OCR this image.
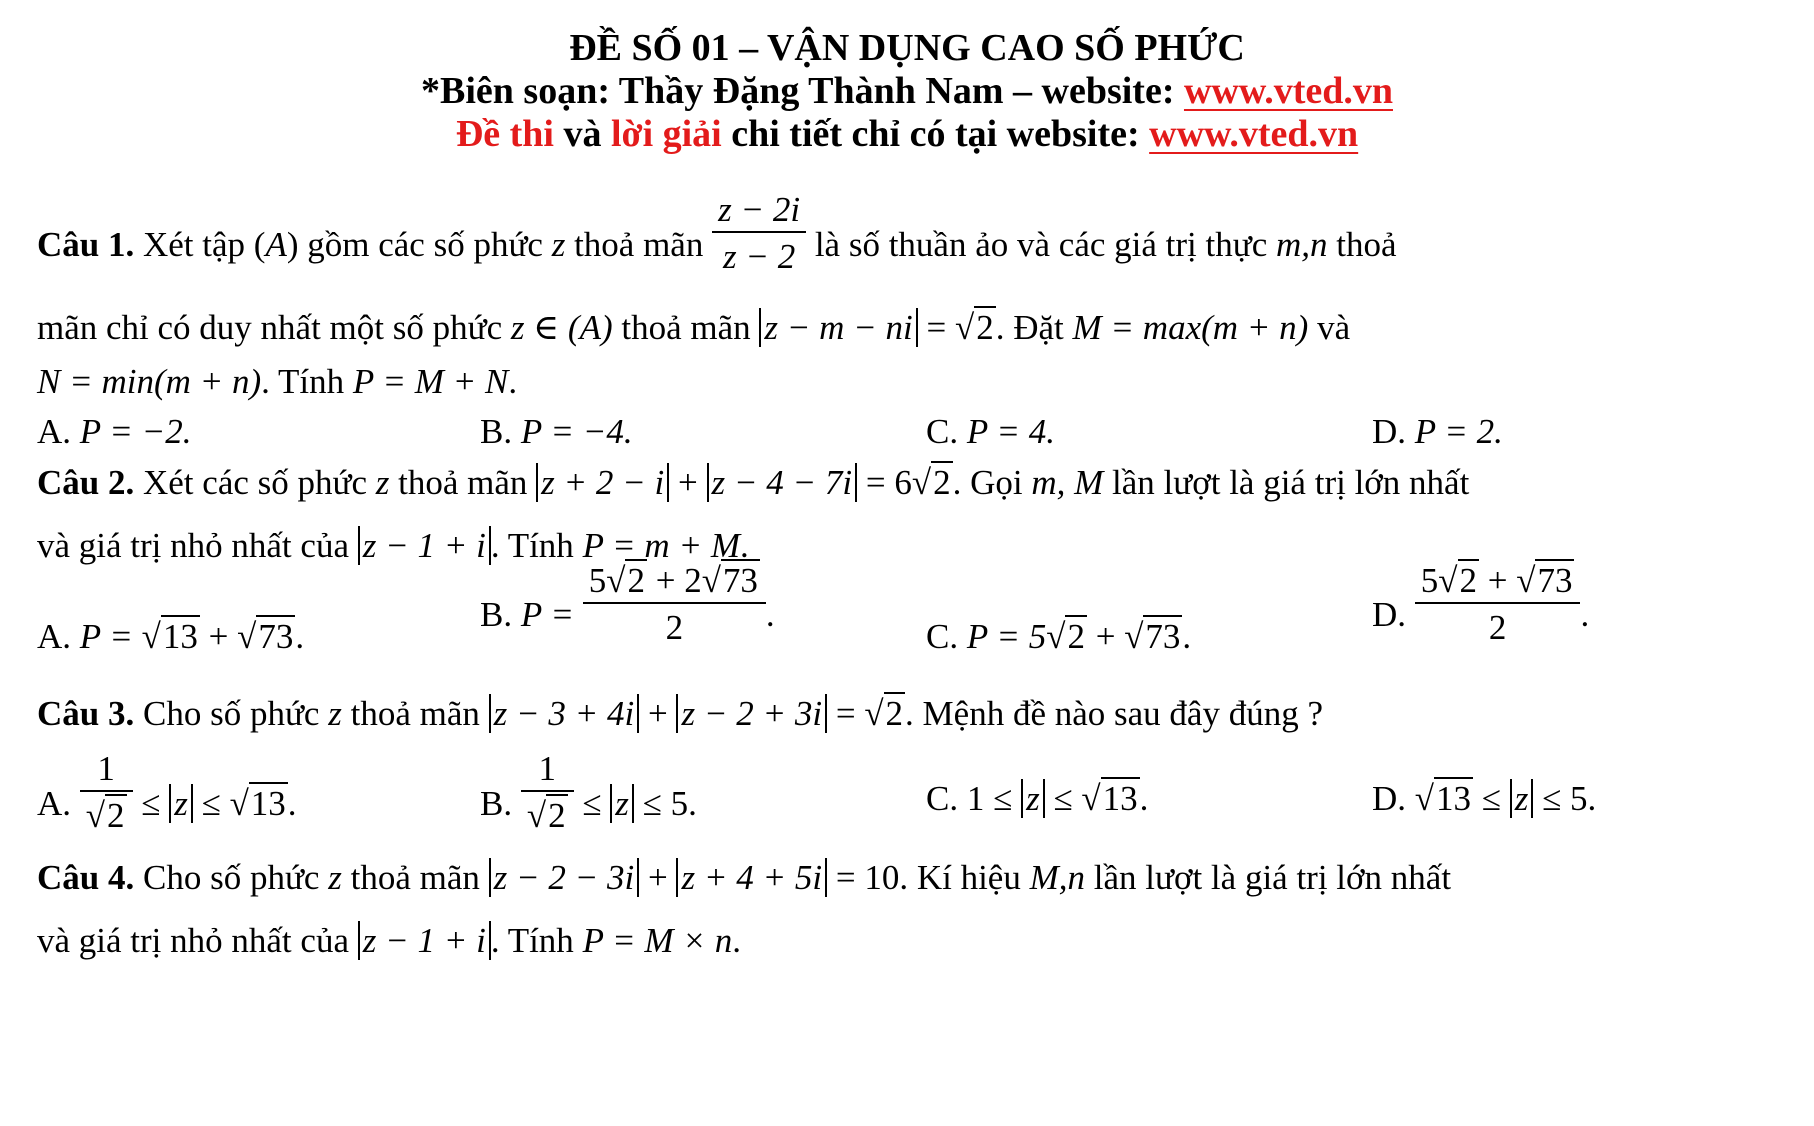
ĐỀ SỐ 01 – VẬN DỤNG CAO SỐ PHỨC
*Biên soạn: Thầy Đặng Thành Nam – website: www.vted.vn
Đề thi và lời giải chi tiết chỉ có tại website: www.vted.vn
Câu 1. Xét tập (A) gồm các số phức z thoả mãn $\frac{z - 2i}{z - 2}$ là số thuần ảo và các giá trị thực m,n thoả
mãn chỉ có duy nhất một số phức z ∈ (A) thoả mãn z − m − ni = √2. Đặt M = max(m + n) và
N = min(m + n). Tính P = M + N.
A. P = −2.	B. P = −4.	C. P = 4.	D. P = 2.
Câu 2. Xét các số phức z thoả mãn z + 2 − i + z − 4 − 7i = 6√2. Gọi m, M lần lượt là giá trị lớn nhất
và giá trị nhỏ nhất của z − 1 + i . Tính P = m + M.
A. P = √13 + √73.
B. $P = \frac{5√2 + 2√73}{2}$ .
C. P = 5√2 + √73.
D. $\frac{5√2 + √73}{2}$ .
Câu 3. Cho số phức z thoả mãn z − 3 + 4i + z − 2 + 3i = √2. Mệnh đề nào sau đây đúng ?
A. $\frac{1}{√2} \le z \le √13$.	B. $\frac{1}{√2} \le z \le 5$.	C. 1 ≤ z ≤ √13.	D. √13 ≤ z ≤ 5.
Câu 4. Cho số phức z thoả mãn z − 2 − 3i + z + 4 + 5i = 10. Kí hiệu M,n lần lượt là giá trị lớn nhất
và giá trị nhỏ nhất của z − 1 + i . Tính P = M × n.
